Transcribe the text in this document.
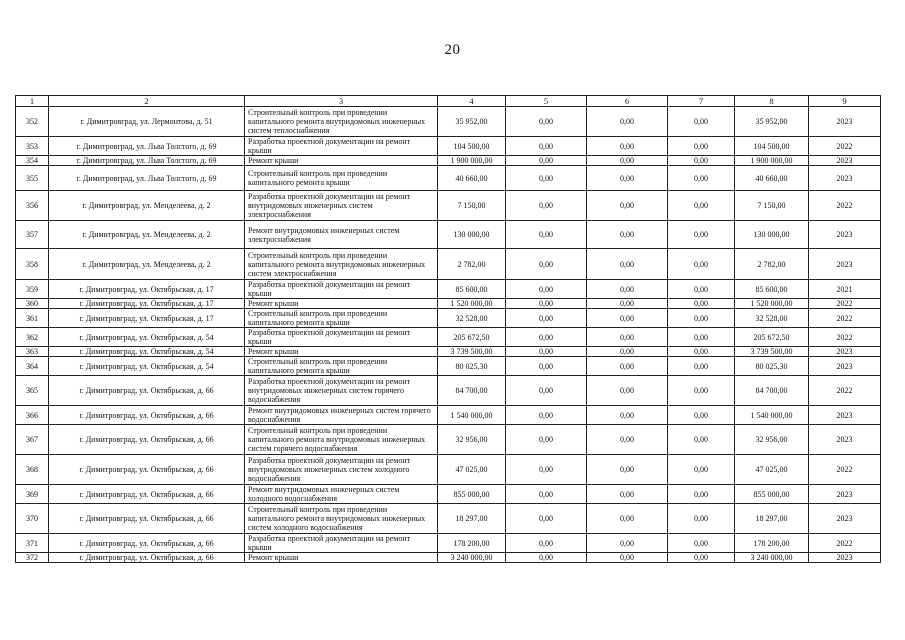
20
1	2	3	4	5	6	7	8	9
352	г. Димитровград, ул. Лермонтова, д. 51	Строительный контроль при проведении капитального ремонта внутридомовых инженерных систем теплоснабжения	35 952,00	0,00	0,00	0,00	35 952,00	2023
353	г. Димитровград, ул. Льва Толстого, д. 69	Разработка проектной документации на ремонт крыши	104 500,00	0,00	0,00	0,00	104 500,00	2022
354	г. Димитровград, ул. Льва Толстого, д. 69	Ремонт крыши	1 900 000,00	0,00	0,00	0,00	1 900 000,00	2023
355	г. Димитровград, ул. Льва Толстого, д. 69	Строительный контроль при проведении капитального ремонта крыши	40 660,00	0,00	0,00	0,00	40 660,00	2023
356	г. Димитровград, ул. Менделеева, д. 2	Разработка проектной документации на ремонт внутридомовых инженерных систем электроснабжения	7 150,00	0,00	0,00	0,00	7 150,00	2022
357	г. Димитровград, ул. Менделеева, д. 2	Ремонт внутридомовых инженерных систем электроснабжения	130 000,00	0,00	0,00	0,00	130 000,00	2023
358	г. Димитровград, ул. Менделеева, д. 2	Строительный контроль при проведении капитального ремонта внутридомовых инженерных систем электроснабжения	2 782,00	0,00	0,00	0,00	2 782,00	2023
359	г. Димитровград, ул. Октябрьская, д. 17	Разработка проектной документации на ремонт крыши	85 600,00	0,00	0,00	0,00	85 600,00	2021
360	г. Димитровград, ул. Октябрьская, д. 17	Ремонт крыши	1 520 000,00	0,00	0,00	0,00	1 520 000,00	2022
361	г. Димитровград, ул. Октябрьская, д. 17	Строительный контроль при проведении капитального ремонта крыши	32 528,00	0,00	0,00	0,00	32 528,00	2022
362	г. Димитровград, ул. Октябрьская, д. 54	Разработка проектной документации на ремонт крыши	205 672,50	0,00	0,00	0,00	205 672,50	2022
363	г. Димитровград, ул. Октябрьская, д. 54	Ремонт крыши	3 739 500,00	0,00	0,00	0,00	3 739 500,00	2023
364	г. Димитровград, ул. Октябрьская, д. 54	Строительный контроль при проведении капитального ремонта крыши	80 025,30	0,00	0,00	0,00	80 025,30	2023
365	г. Димитровград, ул. Октябрьская, д. 66	Разработка проектной документации на ремонт внутридомовых инженерных систем горячего водоснабжения	84 700,00	0,00	0,00	0,00	84 700,00	2022
366	г. Димитровград, ул. Октябрьская, д. 66	Ремонт внутридомовых инженерных систем горячего водоснабжения	1 540 000,00	0,00	0,00	0,00	1 540 000,00	2023
367	г. Димитровград, ул. Октябрьская, д. 66	Строительный контроль при проведении капитального ремонта внутридомовых инженерных систем горячего водоснабжения	32 956,00	0,00	0,00	0,00	32 956,00	2023
368	г. Димитровград, ул. Октябрьская, д. 66	Разработка проектной документации на ремонт внутридомовых инженерных систем холодного водоснабжения	47 025,00	0,00	0,00	0,00	47 025,00	2022
369	г. Димитровград, ул. Октябрьская, д. 66	Ремонт внутридомовых инженерных систем холодного водоснабжения	855 000,00	0,00	0,00	0,00	855 000,00	2023
370	г. Димитровград, ул. Октябрьская, д. 66	Строительный контроль при проведении капитального ремонта внутридомовых инженерных систем холодного водоснабжения	18 297,00	0,00	0,00	0,00	18 297,00	2023
371	г. Димитровград, ул. Октябрьская, д. 66	Разработка проектной документации на ремонт крыши	178 200,00	0,00	0,00	0,00	178 200,00	2022
372	г. Димитровград, ул. Октябрьская, д. 66	Ремонт крыши	3 240 000,00	0,00	0,00	0,00	3 240 000,00	2023
